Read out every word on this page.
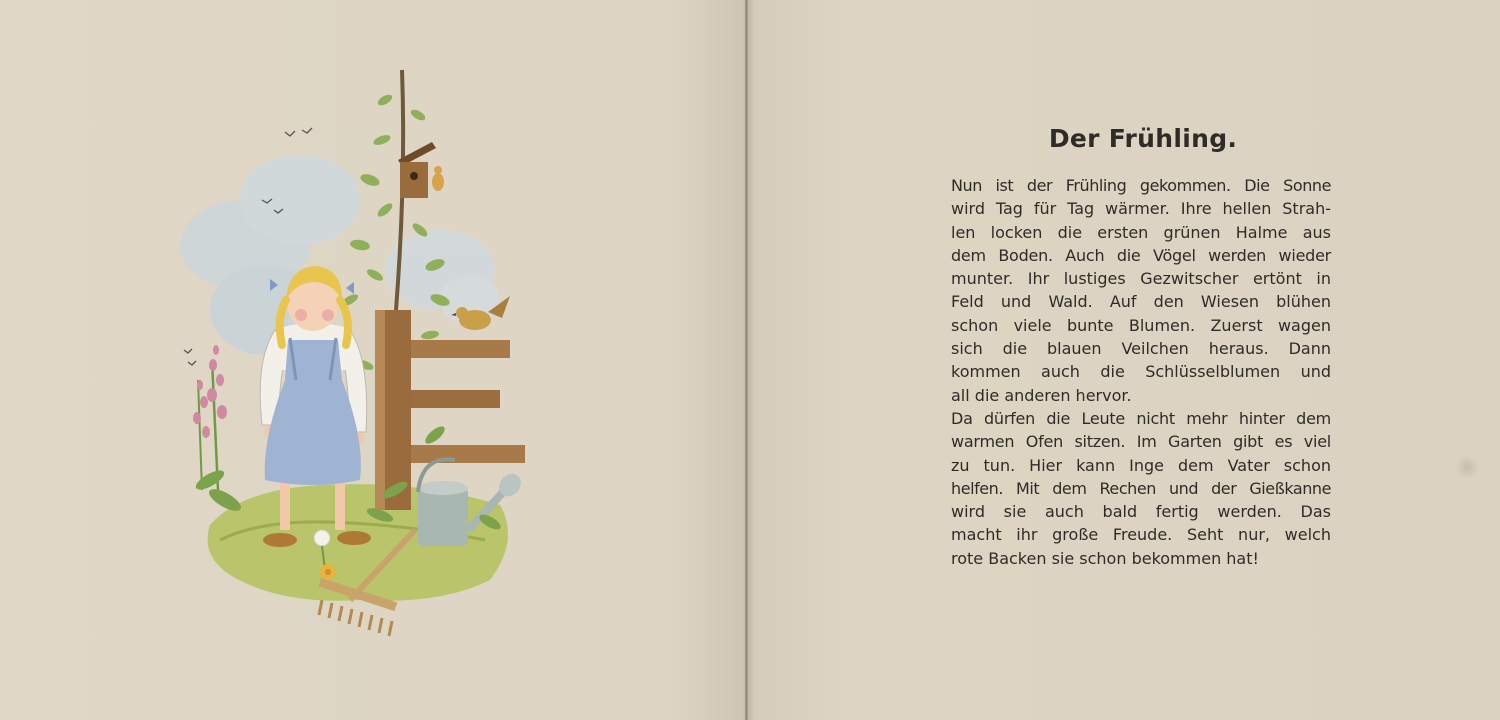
Der Frühling.
Nun ist der Frühling gekommen. Die Sonne
wird Tag für Tag wärmer. Ihre hellen Strah-
len locken die ersten grünen Halme aus
dem Boden. Auch die Vögel werden wieder
munter. Ihr lustiges Gezwitscher ertönt in
Feld und Wald. Auf den Wiesen blühen
schon viele bunte Blumen. Zuerst wagen
sich die blauen Veilchen heraus. Dann
kommen auch die Schlüsselblumen und
all die anderen hervor.
Da dürfen die Leute nicht mehr hinter dem
warmen Ofen sitzen. Im Garten gibt es viel
zu tun. Hier kann Inge dem Vater schon
helfen. Mit dem Rechen und der Gießkanne
wird sie auch bald fertig werden. Das
macht ihr große Freude. Seht nur, welch
rote Backen sie schon bekommen hat!
